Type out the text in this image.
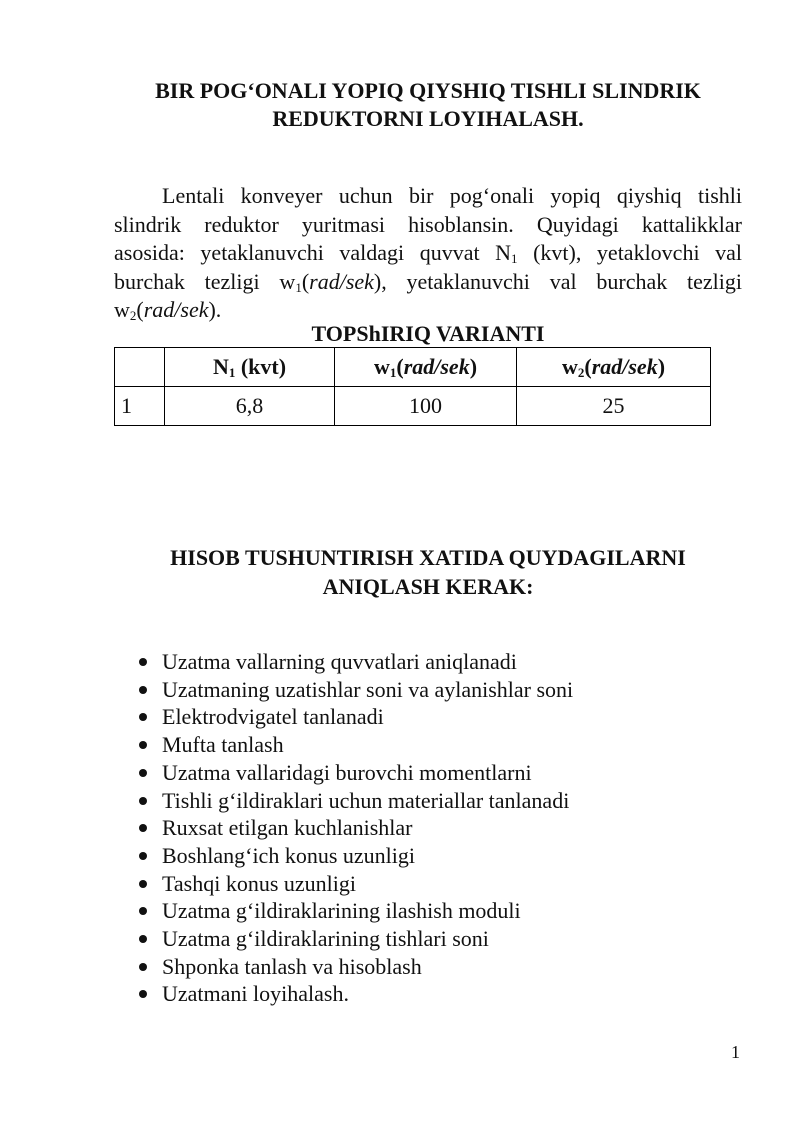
BIR POG‘ONALI YOPIQ QIYSHIQ TISHLI SLINDRIK
REDUKTORNI LOYIHALASH.
Lentali konveyer uchun bir pog‘onali yopiq qiyshiq tishli
slindrik reduktor yuritmasi hisoblansin. Quyidagi kattalikklar
asosida: yetaklanuvchi valdagi quvvat $N_1$ (kvt), yetaklovchi val
burchak tezligi $w_1(rad/sek)$, yetaklanuvchi val burchak tezligi
$w_2(rad/sek)$.
TOPShIRIQ VARIANTI
	$N_1$ (kvt)	$w_1(rad/sek)$	$w_2(rad/sek)$
1	6,8	100	25
HISOB TUSHUNTIRISH XATIDA QUYDAGILARNI
ANIQLASH KERAK:
Uzatma vallarning quvvatlari aniqlanadi
Uzatmaning uzatishlar soni va aylanishlar soni
Elektrodvigatel tanlanadi
Mufta tanlash
Uzatma vallaridagi burovchi momentlarni
Tishli g‘ildiraklari uchun materiallar tanlanadi
Ruxsat etilgan kuchlanishlar
Boshlang‘ich konus uzunligi
Tashqi konus uzunligi
Uzatma g‘ildiraklarining ilashish moduli
Uzatma g‘ildiraklarining tishlari soni
Shponka tanlash va hisoblash
Uzatmani loyihalash.
1
